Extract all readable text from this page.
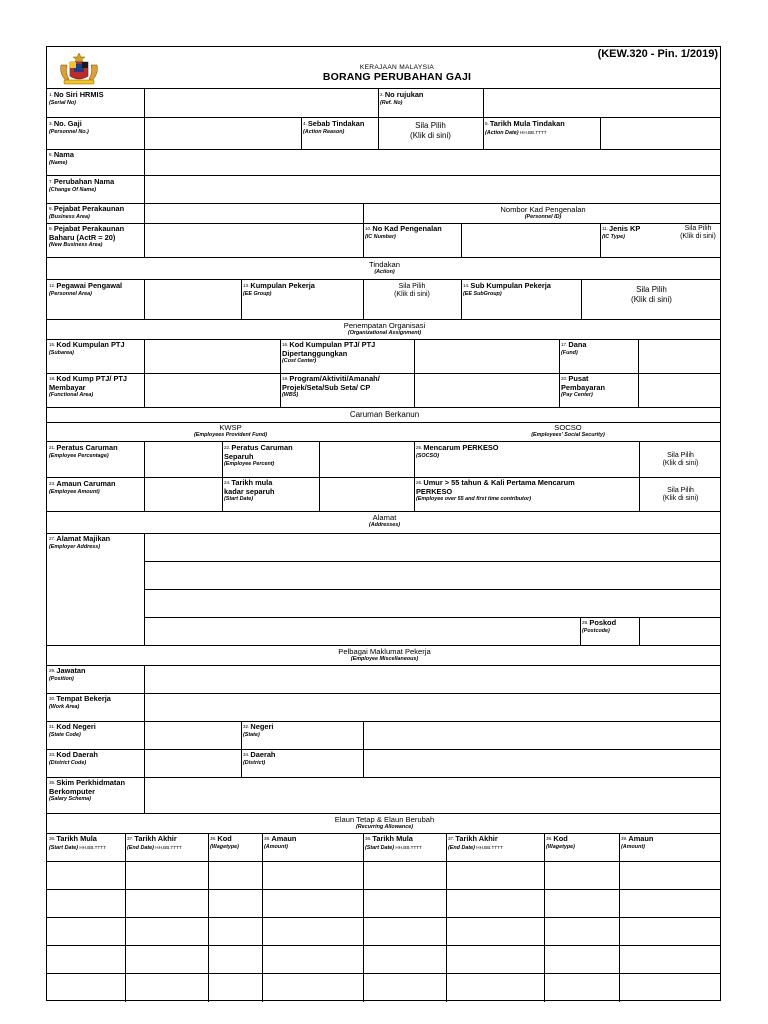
(KEW.320 - Pin. 1/2019)
KERAJAAN MALAYSIA
BORANG PERUBAHAN GAJI
$^{1.}$No Siri HRMIS
(Serial No)
$^{2.}$No rujukan
(Ref. No)
$^{3.}$No. Gaji
(Personnel No.)
$^{4.}$Sebab Tindakan
(Action Reason)
Sila Pilih
(Klik di sini)
$^{5.}$Tarikh Mula Tindakan
(Action Date) HH.BB.TTTT
$^{6.}$Nama
(Name)
$^{7.}$Perubahan Nama
(Change Of Name)
$^{8.}$Pejabat Perakaunan
(Business Area)
Nombor Kad Pengenalan
(Personnel ID)
$^{9.}$Pejabat Perakaunan
Baharu (ActR = 20)
(New Business Area)
$^{10.}$No Kad Pengenalan
(IC Number)
$^{11.}$Jenis KP
(IC Type)
Sila Pilih
(Klik di sini)
Tindakan
(Action)
$^{12.}$Pegawai Pengawal
(Personnel Area)
$^{13.}$Kumpulan Pekerja
(EE Group)
Sila Pilih
(Klik di sini)
$^{14.}$Sub Kumpulan Pekerja
(EE SubGroup)	Sila Pilih
(Klik di sini)
Penempatan Organisasi
(Organizational Assignment)
$^{15.}$Kod Kumpulan PTJ
(Subarea)
$^{16.}$Kod Kumpulan PTJ/ PTJ
Dipertanggungkan
(Cost Center)
$^{17.}$Dana
(Fund)
$^{18.}$Kod Kump PTJ/ PTJ
Membayar
(Functional Area)
$^{19.}$Program/Aktiviti/Amanah/
Projek/Seta/Sub Seta/ CP
(WBS)
$^{20.}$Pusat
Pembayaran
(Pay Center)
Caruman Berkanun
KWSP
(Employees Provident Fund)
SOCSO
(Employees' Social Security)
$^{21.}$Peratus Caruman
(Employee Percentage)
$^{22.}$Peratus Caruman
Separuh
(Employee Percent)
$^{25.}$Mencarum PERKESO
(SOCSO)	Sila Pilih
(Klik di sini)
$^{23.}$Amaun Caruman
(Employee Amount)
$^{24.}$Tarikh mula
kadar separuh
(Start Date)
$^{26.}$Umur > 55 tahun & Kali Pertama Mencarum
PERKESO
(Employee over 55 and first time contributor)
Sila Pilih
(Klik di sini)
Alamat
(Addresses)
$^{27.}$Alamat Majikan
(Employer Address)
$^{28.}$Poskod
(Postcode)
Pelbagai Maklumat Pekerja
(Employee Miscellaneous)
$^{29.}$Jawatan
(Position)
$^{30.}$Tempat Bekerja
(Work Area)
$^{31.}$Kod Negeri
(State Code)
$^{32.}$Negeri
(State)
$^{33.}$Kod Daerah
(District Code)
$^{34.}$Daerah
(District)
$^{35.}$Skim Perkhidmatan
Berkomputer
(Salary Schema)
Elaun Tetap & Elaun Berubah
(Recurring Allowance)
$^{36.}$Tarikh Mula
(Start Date) HH.BB.TTTT
$^{37.}$Tarikh Akhir
(End Date) HH.BB.TTTT
$^{38.}$Kod
(Wagetype)
$^{39.}$Amaun
(Amount)
$^{36.}$Tarikh Mula
(Start Date) HH.BB.TTTT
$^{37.}$Tarikh Akhir
(End Date) HH.BB.TTTT
$^{38.}$Kod
(Wagetype)
$^{39.}$Amaun
(Amount)
